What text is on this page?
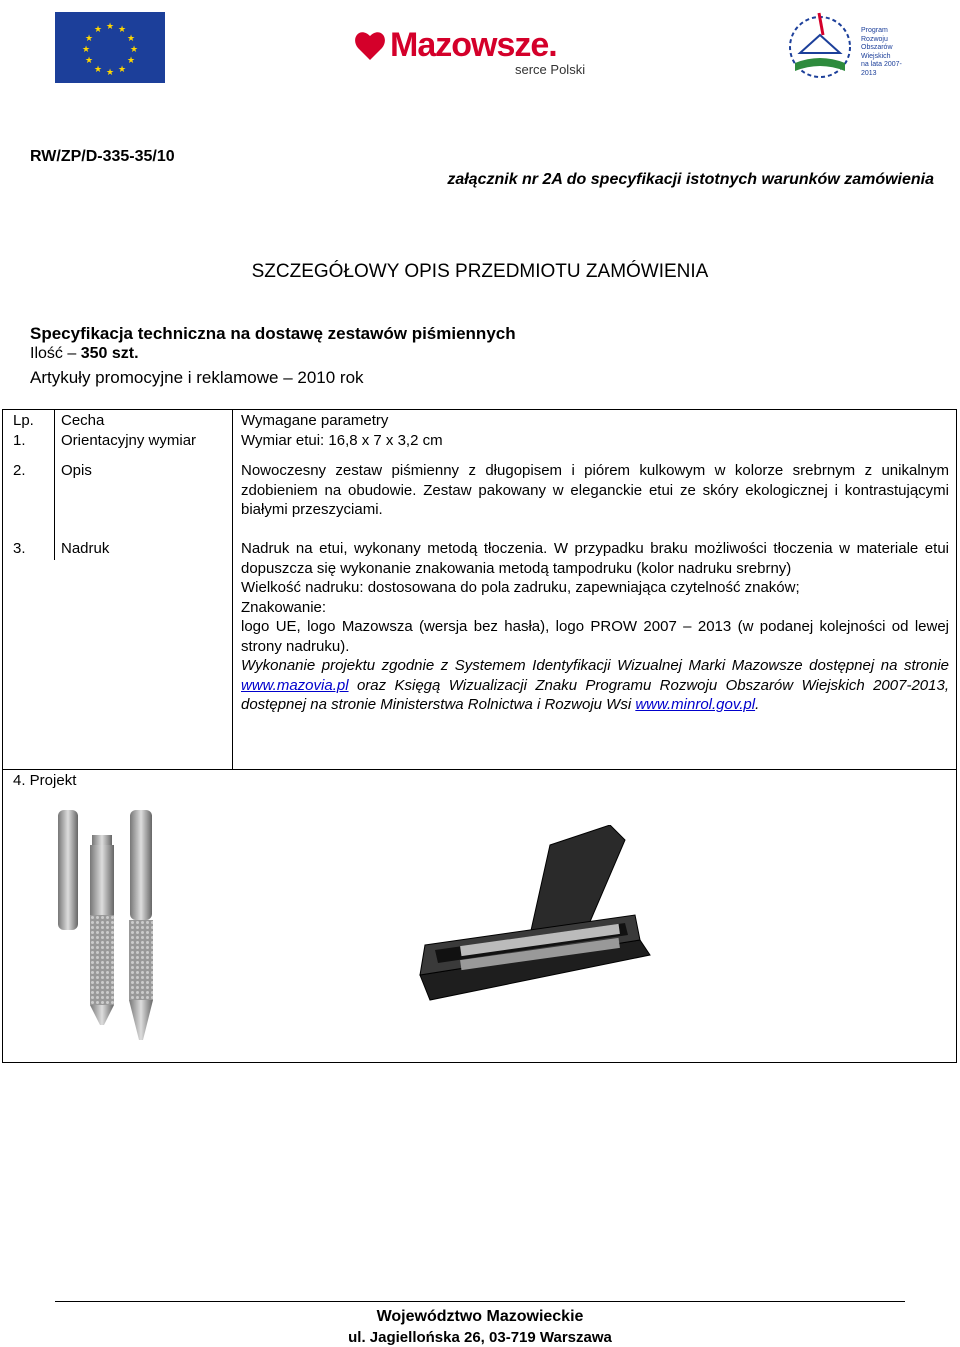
★ ★
★
★
★
★
★
★
★
★
★
★	Mazowsze.
serce Polski
Program
Rozwoju
Obszarów
Wiejskich
na lata 2007-2013
RW/ZP/D-335-35/10
załącznik nr 2A do specyfikacji istotnych warunków zamówienia
SZCZEGÓŁOWY OPIS PRZEDMIOTU ZAMÓWIENIA
Specyfikacja techniczna na dostawę zestawów piśmiennych
Ilość – 350 szt.
Artykuły promocyjne i reklamowe – 2010 rok
Lp. Cecha	Wymagane parametry
1. Orientacyjny wymiar	Wymiar etui: 16,8 x 7 x 3,2 cm
2. Opis	Nowoczesny zestaw piśmienny z długopisem i piórem kulkowym w kolorze srebrnym z unikalnym zdobieniem na obudowie. Zestaw pakowany w eleganckie etui ze skóry ekologicznej i kontrastującymi białymi przeszyciami.
3. Nadruk	Nadruk na etui, wykonany metodą tłoczenia. W przypadku braku możliwości tłoczenia w materiale etui dopuszcza się wykonanie znakowania metodą tampodruku (kolor nadruku srebrny)
Wielkość nadruku: dostosowana do pola zadruku, zapewniająca czytelność znaków;
Znakowanie:
logo UE, logo Mazowsza (wersja bez hasła), logo PROW 2007 – 2013 (w podanej kolejności od lewej strony nadruku).
Wykonanie projektu zgodnie z Systemem Identyfikacji Wizualnej Marki Mazowsze dostępnej na stronie www.mazovia.pl oraz Księgą Wizualizacji Znaku Programu Rozwoju Obszarów Wiejskich 2007-2013, dostępnej na stronie Ministerstwa Rolnictwa i Rozwoju Wsi www.minrol.gov.pl.
4. Projekt
Województwo Mazowieckie
ul. Jagiellońska 26, 03-719 Warszawa
